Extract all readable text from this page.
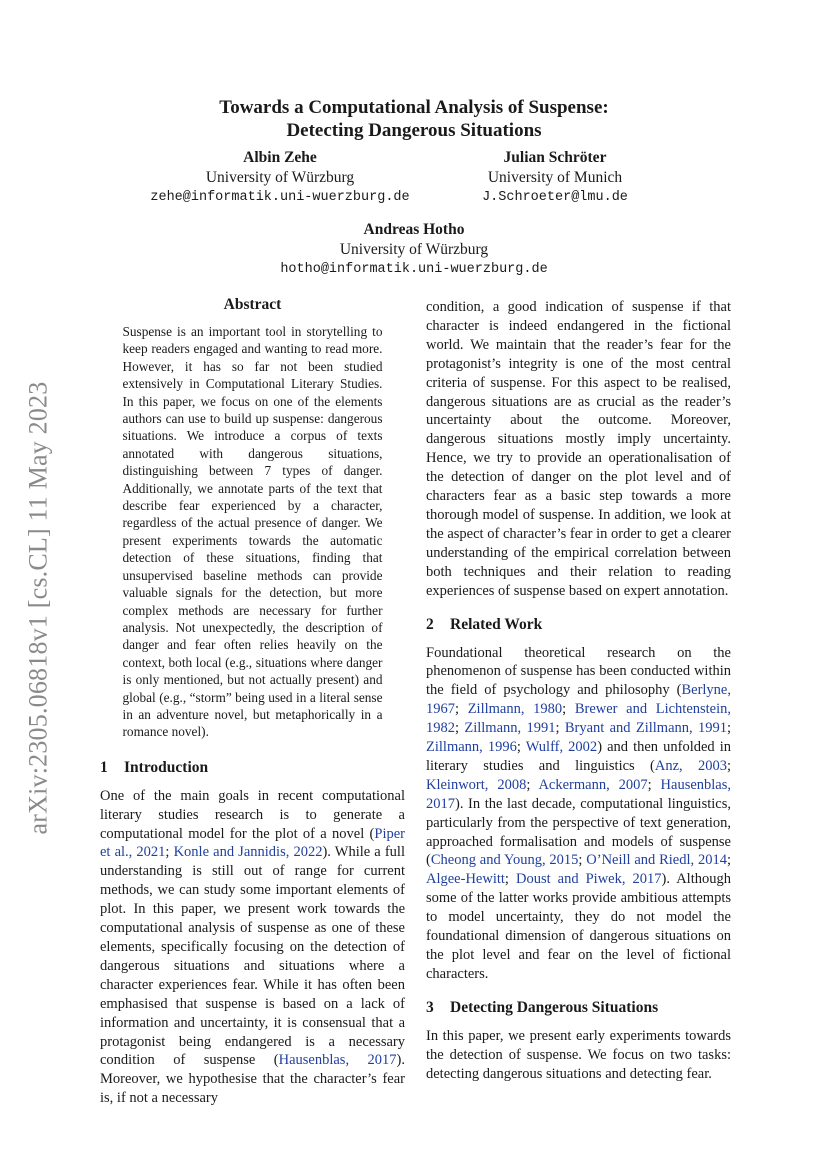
arXiv:2305.06818v1 [cs.CL] 11 May 2023
Towards a Computational Analysis of Suspense:
Detecting Dangerous Situations
Albin Zehe
University of Würzburg
zehe@informatik.uni-wuerzburg.de
Julian Schröter
University of Munich
J.Schroeter@lmu.de
Andreas Hotho
University of Würzburg
hotho@informatik.uni-wuerzburg.de
Abstract

Suspense is an important tool in storytelling to keep readers engaged and wanting to read more. However, it has so far not been studied extensively in Computational Literary Studies. In this paper, we focus on one of the elements authors can use to build up suspense: dangerous situations. We introduce a corpus of texts annotated with dangerous situations, distinguishing between 7 types of danger. Additionally, we annotate parts of the text that describe fear experienced by a character, regardless of the actual presence of danger. We present experiments towards the automatic detection of these situations, finding that unsupervised baseline methods can provide valuable signals for the detection, but more complex methods are necessary for further analysis. Not unexpectedly, the description of danger and fear often relies heavily on the context, both local (e.g., situations where danger is only mentioned, but not actually present) and global (e.g., “storm” being used in a literal sense in an adventure novel, but metaphorically in a romance novel).

1 Introduction

One of the main goals in recent computational literary studies research is to generate a computational model for the plot of a novel (Piper et al., 2021; Konle and Jannidis, 2022). While a full understanding is still out of range for current methods, we can study some important elements of plot. In this paper, we present work towards the computational analysis of suspense as one of these elements, specifically focusing on the detection of dangerous situations and situations where a character experiences fear. While it has often been emphasised that suspense is based on a lack of information and uncertainty, it is consensual that a protagonist being endangered is a necessary condition of suspense (Hausenblas, 2017). Moreover, we hypothesise that the character’s fear is, if not a necessary

condition, a good indication of suspense if that character is indeed endangered in the fictional world. We maintain that the reader’s fear for the protagonist’s integrity is one of the most central criteria of suspense. For this aspect to be realised, dangerous situations are as crucial as the reader’s uncertainty about the outcome. Moreover, dangerous situations mostly imply uncertainty. Hence, we try to provide an operationalisation of the detection of danger on the plot level and of characters fear as a basic step towards a more thorough model of suspense. In addition, we look at the aspect of character’s fear in order to get a clearer understanding of the empirical correlation between both techniques and their relation to reading experiences of suspense based on expert annotation.

2 Related Work

Foundational theoretical research on the phenomenon of suspense has been conducted within the field of psychology and philosophy (Berlyne, 1967; Zillmann, 1980; Brewer and Lichtenstein, 1982; Zillmann, 1991; Bryant and Zillmann, 1991; Zillmann, 1996; Wulff, 2002) and then unfolded in literary studies and linguistics (Anz, 2003; Kleinwort, 2008; Ackermann, 2007; Hausenblas, 2017). In the last decade, computational linguistics, particularly from the perspective of text generation, approached formalisation and models of suspense (Cheong and Young, 2015; O’Neill and Riedl, 2014; Algee-Hewitt; Doust and Piwek, 2017). Although some of the latter works provide ambitious attempts to model uncertainty, they do not model the foundational dimension of dangerous situations on the plot level and fear on the level of fictional characters.

3 Detecting Dangerous Situations

In this paper, we present early experiments towards the detection of suspense. We focus on two tasks: detecting dangerous situations and detecting fear.
